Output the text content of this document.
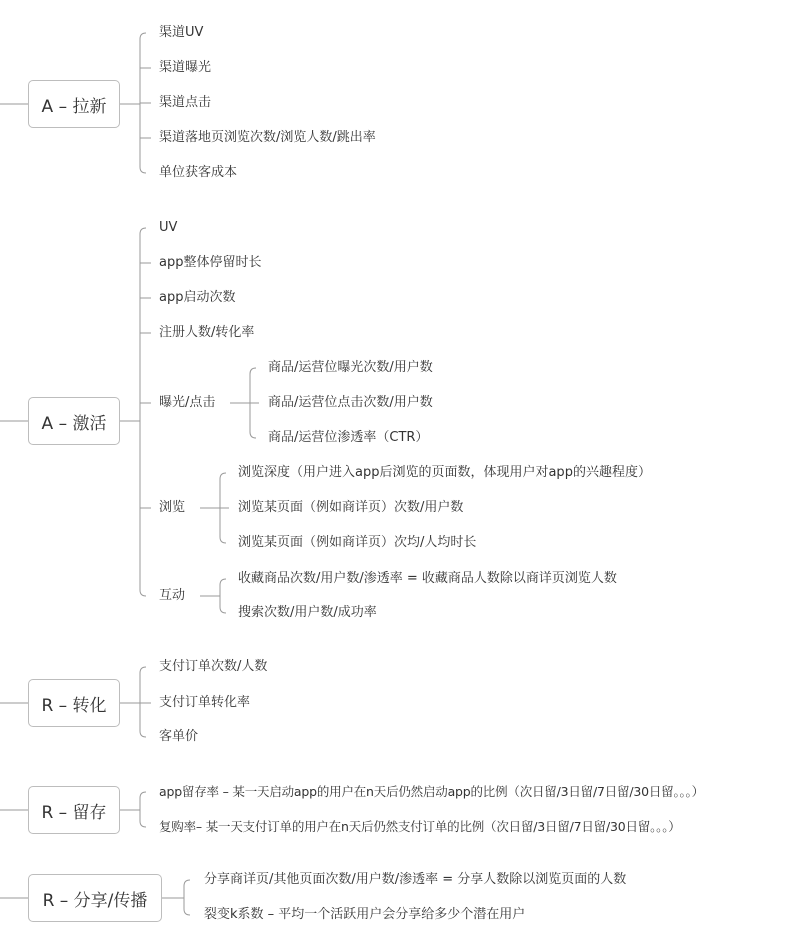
A – 拉新
渠道UV
渠道曝光
渠道点击
渠道落地页浏览次数/浏览人数/跳出率
单位获客成本
A – 激活
UV
app整体停留时长
app启动次数
注册人数/转化率
曝光/点击
商品/运营位曝光次数/用户数
商品/运营位点击次数/用户数
商品/运营位渗透率（CTR）
浏览
浏览深度（用户进入app后浏览的页面数，体现用户对app的兴趣程度）
浏览某页面（例如商详页）次数/用户数
浏览某页面（例如商详页）次均/人均时长
互动
收藏商品次数/用户数/渗透率 = 收藏商品人数除以商详页浏览人数
搜索次数/用户数/成功率
R – 转化
支付订单次数/人数
支付订单转化率
客单价
R – 留存
app留存率 – 某一天启动app的用户在n天后仍然启动app的比例（次日留/3日留/7日留/30日留。。。）
复购率– 某一天支付订单的用户在n天后仍然支付订单的比例（次日留/3日留/7日留/30日留。。。）
R – 分享/传播
分享商详页/其他页面次数/用户数/渗透率 = 分享人数除以浏览页面的人数
裂变k系数 – 平均一个活跃用户会分享给多少个潜在用户
